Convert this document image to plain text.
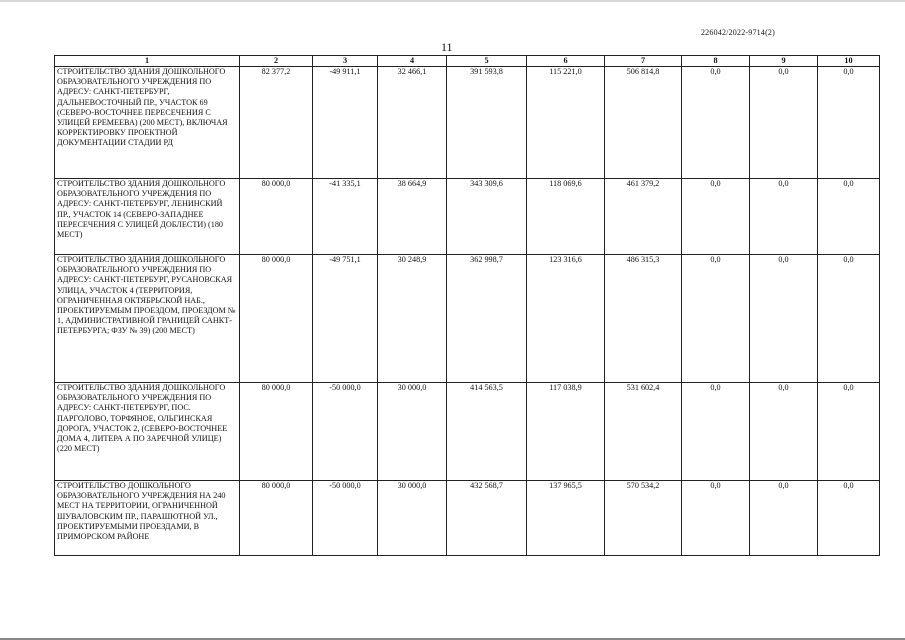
226042/2022-9714(2)
11
1	2	3	4	5	6	7	8	9	10
СТРОИТЕЛЬСТВО ЗДАНИЯ ДОШКОЛЬНОГО ОБРАЗОВАТЕЛЬНОГО УЧРЕЖДЕНИЯ ПО АДРЕСУ: САНКТ-ПЕТЕРБУРГ, ДАЛЬНЕВОСТОЧНЫЙ ПР., УЧАСТОК 69 (СЕВЕРО-ВОСТОЧНЕЕ ПЕРЕСЕЧЕНИЯ С УЛИЦЕЙ ЕРЕМЕЕВА) (200 МЕСТ), ВКЛЮЧАЯ КОРРЕКТИРОВКУ ПРОЕКТНОЙ ДОКУМЕНТАЦИИ СТАДИИ РД	82 377,2	-49 911,1	32 466,1	391 593,8	115 221,0	506 814,8	0,0	0,0	0,0
СТРОИТЕЛЬСТВО ЗДАНИЯ ДОШКОЛЬНОГО ОБРАЗОВАТЕЛЬНОГО УЧРЕЖДЕНИЯ ПО АДРЕСУ: САНКТ-ПЕТЕРБУРГ, ЛЕНИНСКИЙ ПР., УЧАСТОК 14 (СЕВЕРО-ЗАПАДНЕЕ ПЕРЕСЕЧЕНИЯ С УЛИЦЕЙ ДОБЛЕСТИ) (180 МЕСТ)	80 000,0	-41 335,1	38 664,9	343 309,6	118 069,6	461 379,2	0,0	0,0	0,0
СТРОИТЕЛЬСТВО ЗДАНИЯ ДОШКОЛЬНОГО ОБРАЗОВАТЕЛЬНОГО УЧРЕЖДЕНИЯ ПО АДРЕСУ: САНКТ-ПЕТЕРБУРГ, РУСАНОВСКАЯ УЛИЦА, УЧАСТОК 4 (ТЕРРИТОРИЯ, ОГРАНИЧЕННАЯ ОКТЯБРЬСКОЙ НАБ., ПРОЕКТИРУЕМЫМ ПРОЕЗДОМ, ПРОЕЗДОМ № 1, АДМИНИСТРАТИВНОЙ ГРАНИЦЕЙ САНКТ-ПЕТЕРБУРГА; ФЗУ № 39) (200 МЕСТ)	80 000,0	-49 751,1	30 248,9	362 998,7	123 316,6	486 315,3	0,0	0,0	0,0
СТРОИТЕЛЬСТВО ЗДАНИЯ ДОШКОЛЬНОГО ОБРАЗОВАТЕЛЬНОГО УЧРЕЖДЕНИЯ ПО АДРЕСУ: САНКТ-ПЕТЕРБУРГ, ПОС. ПАРГОЛОВО, ТОРФЯНОЕ, ОЛЬГИНСКАЯ ДОРОГА, УЧАСТОК 2, (СЕВЕРО-ВОСТОЧНЕЕ ДОМА 4, ЛИТЕРА А ПО ЗАРЕЧНОЙ УЛИЦЕ) (220 МЕСТ)	80 000,0	-50 000,0	30 000,0	414 563,5	117 038,9	531 602,4	0,0	0,0	0,0
СТРОИТЕЛЬСТВО ДОШКОЛЬНОГО ОБРАЗОВАТЕЛЬНОГО УЧРЕЖДЕНИЯ НА 240 МЕСТ НА ТЕРРИТОРИИ, ОГРАНИЧЕННОЙ ШУВАЛОВСКИМ ПР., ПАРАШЮТНОЙ УЛ., ПРОЕКТИРУЕМЫМИ ПРОЕЗДАМИ, В ПРИМОРСКОМ РАЙОНЕ	80 000,0	-50 000,0	30 000,0	432 568,7	137 965,5	570 534,2	0,0	0,0	0,0
